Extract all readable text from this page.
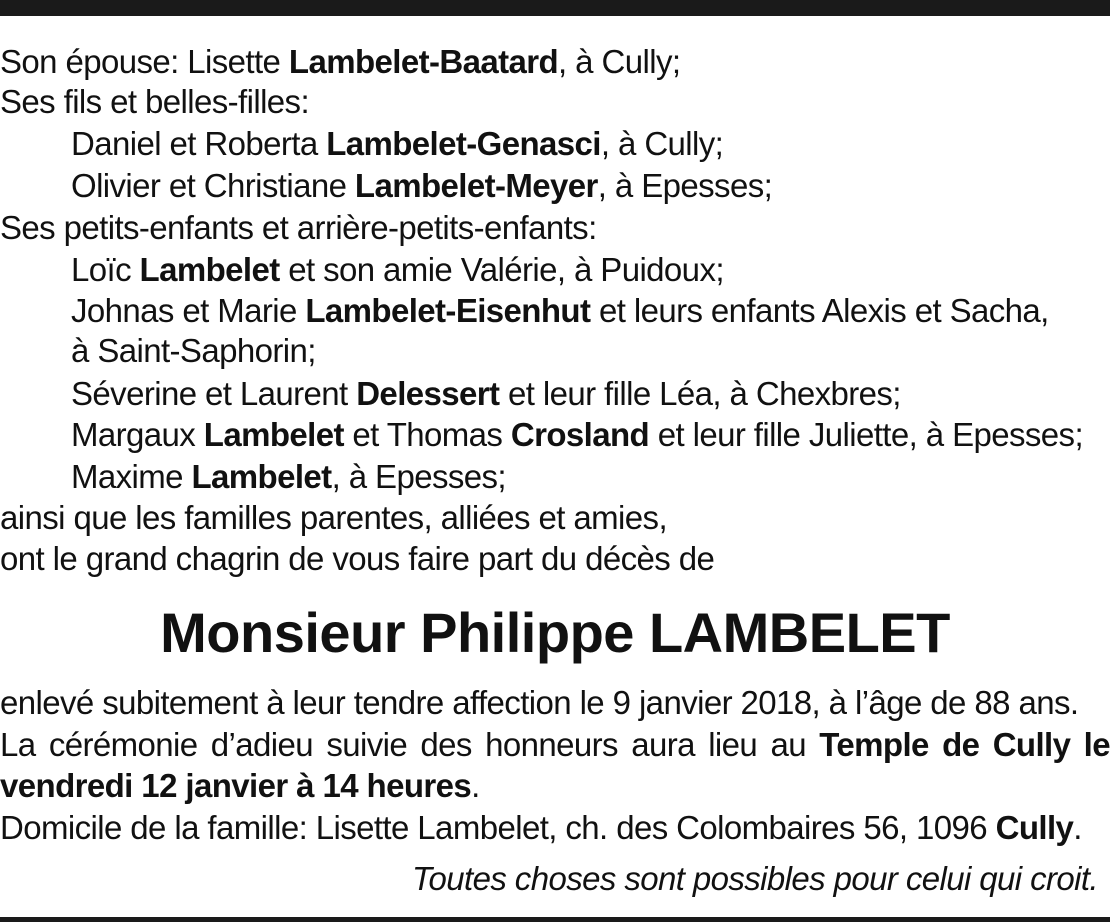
Son épouse: Lisette Lambelet-Baatard, à Cully;
Ses fils et belles-filles:
Daniel et Roberta Lambelet-Genasci, à Cully;
Olivier et Christiane Lambelet-Meyer, à Epesses;
Ses petits-enfants et arrière-petits-enfants:
Loïc Lambelet et son amie Valérie, à Puidoux;
Johnas et Marie Lambelet-Eisenhut et leurs enfants Alexis et Sacha,
à Saint-Saphorin;
Séverine et Laurent Delessert et leur fille Léa, à Chexbres;
Margaux Lambelet et Thomas Crosland et leur fille Juliette, à Epesses;
Maxime Lambelet, à Epesses;
ainsi que les familles parentes, alliées et amies,
ont le grand chagrin de vous faire part du décès de
Monsieur Philippe LAMBELET
enlevé subitement à leur tendre affection le 9 janvier 2018, à l’âge de 88 ans.
La cérémonie d’adieu suivie des honneurs aura lieu au Temple de Cully le
vendredi 12 janvier à 14 heures.
Domicile de la famille: Lisette Lambelet, ch. des Colombaires 56, 1096 Cully.
Toutes choses sont possibles pour celui qui croit.
